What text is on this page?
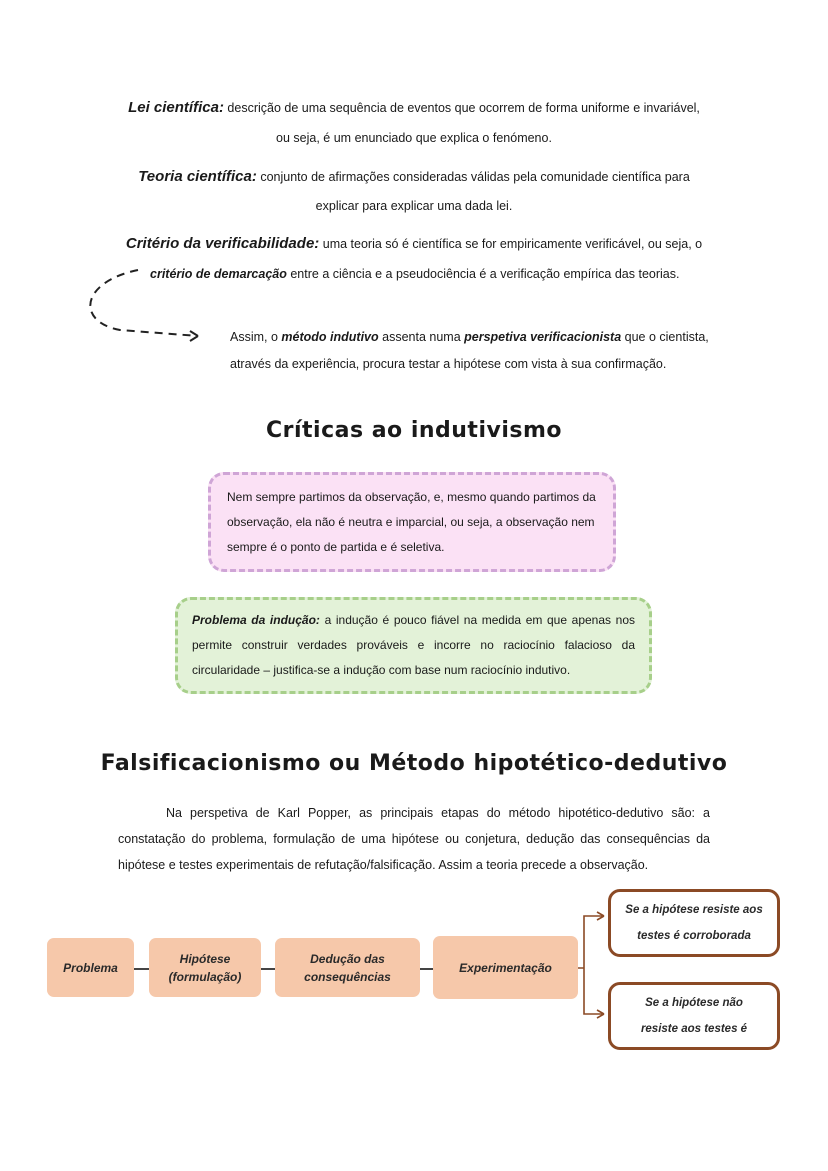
Lei científica: descrição de uma sequência de eventos que ocorrem de forma uniforme e invariável,
ou seja, é um enunciado que explica o fenómeno.
Teoria científica: conjunto de afirmações consideradas válidas pela comunidade científica para
explicar para explicar uma dada lei.
Critério da verificabilidade: uma teoria só é científica se for empiricamente verificável, ou seja, o
critério de demarcação entre a ciência e a pseudociência é a verificação empírica das teorias.
Assim, o método indutivo assenta numa perspetiva verificacionista que o cientista,
através da experiência, procura testar a hipótese com vista à sua confirmação.
Críticas ao indutivismo
Nem sempre partimos da observação, e, mesmo quando partimos da observação, ela não é neutra e imparcial, ou seja, a observação nem sempre é o ponto de partida e é seletiva.
Problema da indução: a indução é pouco fiável na medida em que apenas nos permite construir verdades prováveis e incorre no raciocínio falacioso da circularidade – justifica-se a indução com base num raciocínio indutivo.
Falsificacionismo ou Método hipotético-dedutivo
Na perspetiva de Karl Popper, as principais etapas do método hipotético-dedutivo são: a constatação do problema, formulação de uma hipótese ou conjetura, dedução das consequências da hipótese e testes experimentais de refutação/falsificação. Assim a teoria precede a observação.
Problema
Hipótese
(formulação)
Dedução das
consequências
Experimentação
Se a hipótese resiste aos
testes é corroborada
Se a hipótese não
resiste aos testes é
